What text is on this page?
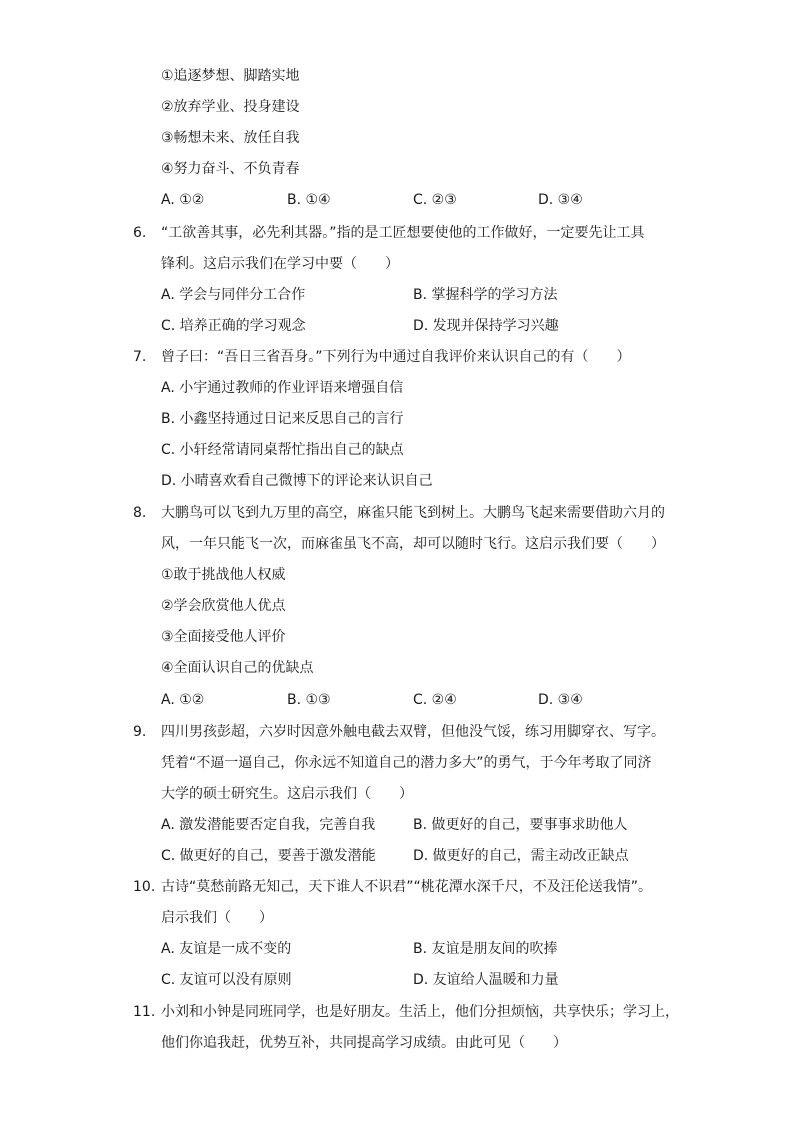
①追逐梦想、脚踏实地
②放弃学业、投身建设
③畅想未来、放任自我
④努力奋斗、不负青春
A. ①②	B. ①④	C. ②③	D. ③④
6. “工欲善其事，必先利其器。”指的是工匠想要使他的工作做好，一定要先让工具
锋利。这启示我们在学习中要（　　）
A. 学会与同伴分工合作	B. 掌握科学的学习方法
C. 培养正确的学习观念	D. 发现并保持学习兴趣
7. 曾子曰：“吾日三省吾身。”下列行为中通过自我评价来认识自己的有（　　）
A. 小宇通过教师的作业评语来增强自信
B. 小鑫坚持通过日记来反思自己的言行
C. 小轩经常请同桌帮忙指出自己的缺点
D. 小晴喜欢看自己微博下的评论来认识自己
8. 大鹏鸟可以飞到九万里的高空，麻雀只能飞到树上。大鹏鸟飞起来需要借助六月的
风，一年只能飞一次，而麻雀虽飞不高，却可以随时飞行。这启示我们要（　　）
①敢于挑战他人权威
②学会欣赏他人优点
③全面接受他人评价
④全面认识自己的优缺点
A. ①②	B. ①③	C. ②④	D. ③④
9. 四川男孩彭超，六岁时因意外触电截去双臂，但他没气馁，练习用脚穿衣、写字。
凭着“不逼一逼自己，你永远不知道自己的潜力多大”的勇气，于今年考取了同济
大学的硕士研究生。这启示我们（　　）
A. 激发潜能要否定自我，完善自我	B. 做更好的自己，要事事求助他人
C. 做更好的自己，要善于激发潜能	D. 做更好的自己，需主动改正缺点
10. 古诗“莫愁前路无知己，天下谁人不识君”“桃花潭水深千尺，不及汪伦送我情”。
启示我们（　　）
A. 友谊是一成不变的	B. 友谊是朋友间的吹捧
C. 友谊可以没有原则	D. 友谊给人温暖和力量
11. 小刘和小钟是同班同学，也是好朋友。生活上，他们分担烦恼，共享快乐；学习上，
他们你追我赶，优势互补，共同提高学习成绩。由此可见（　　）
